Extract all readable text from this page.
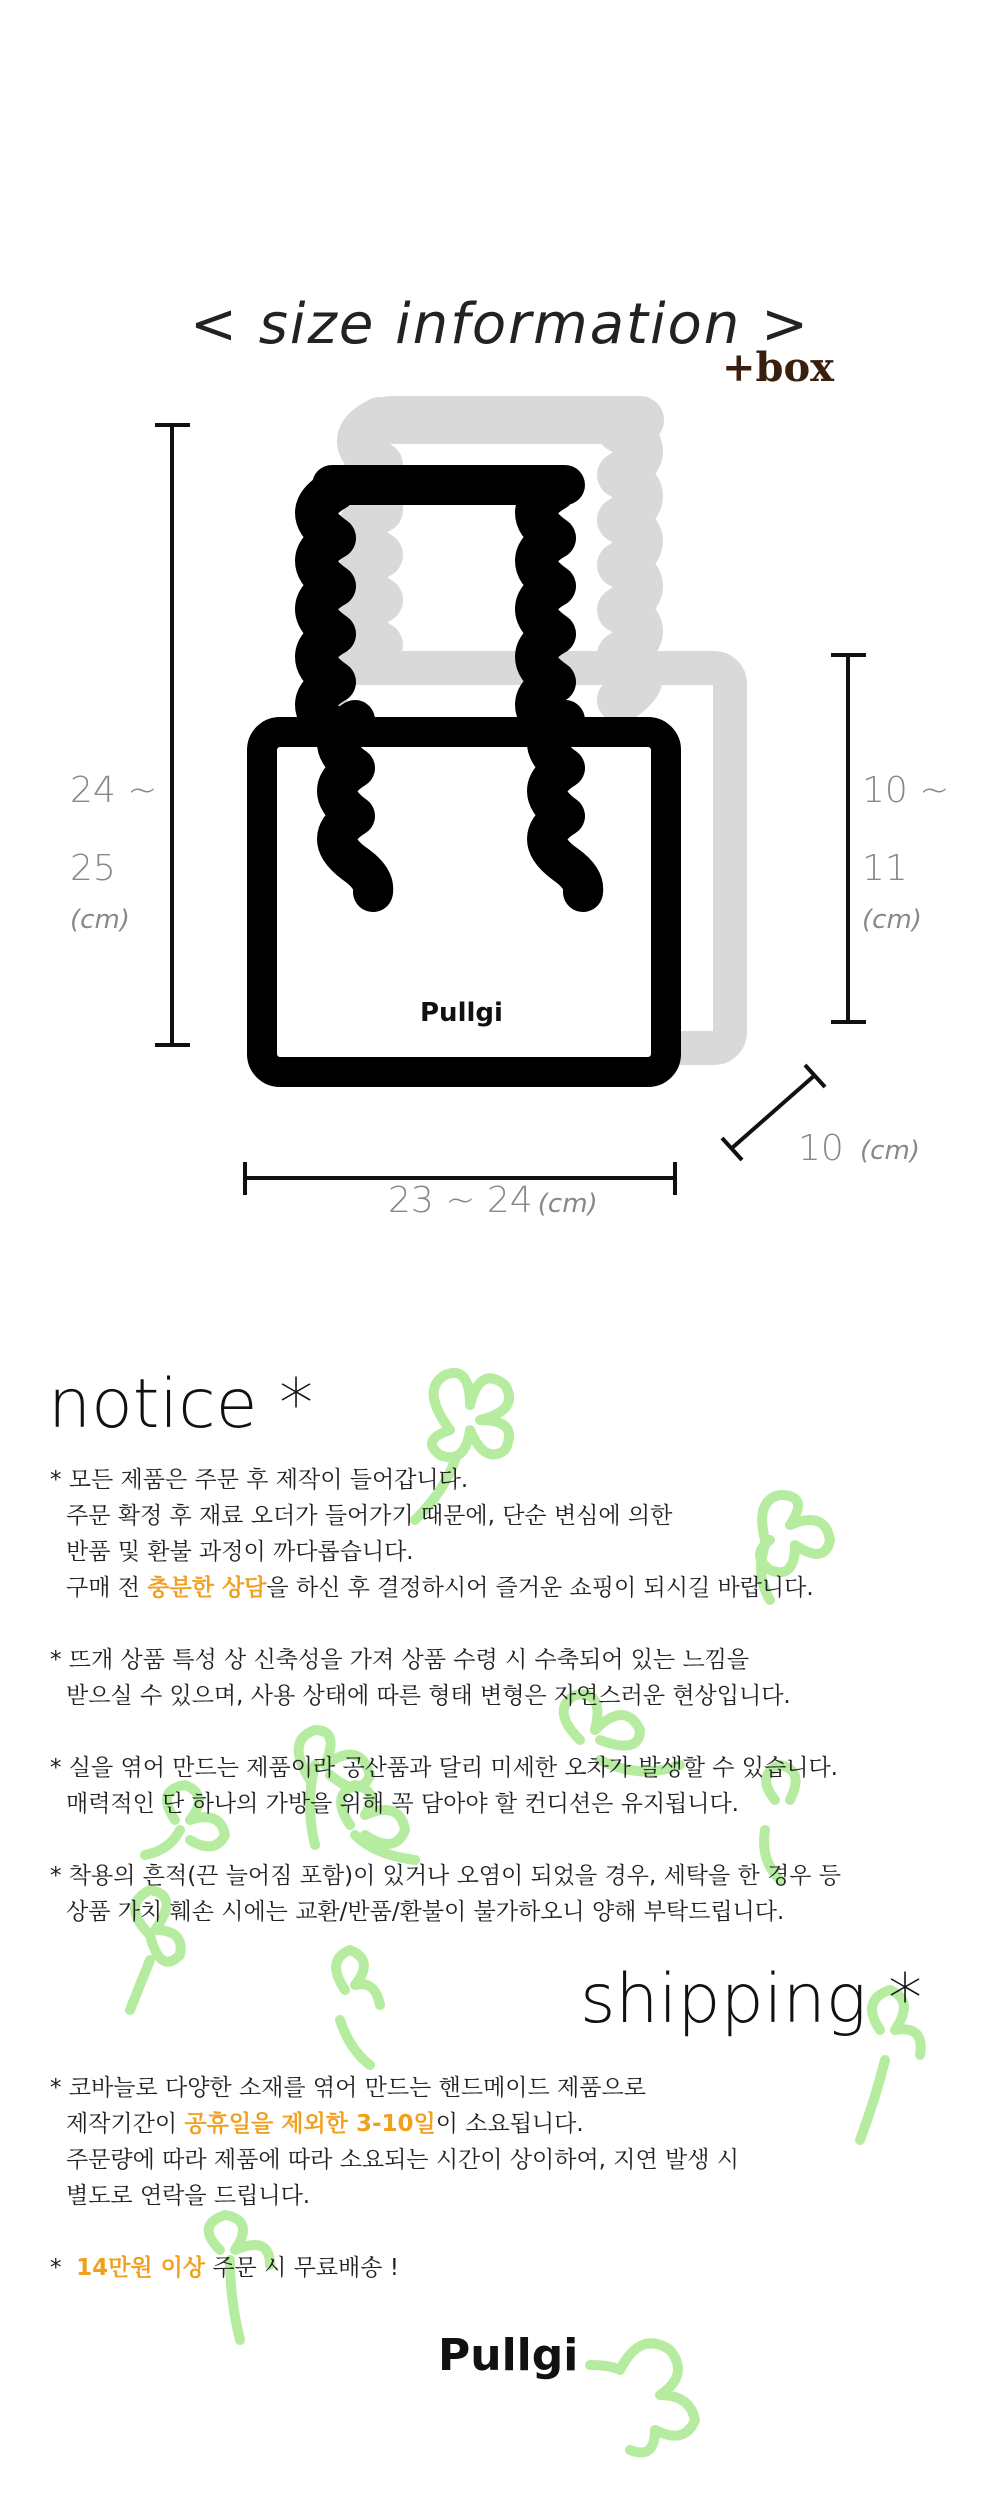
< size information >
+box
24 ~
25
(cm)
10 ~
11
(cm)
10 (cm)
23 ~ 24 (cm)
Pullgi
notice *

* 모든 제품은 주문 후 제작이 들어갑니다.

주문 확정 후 재료 오더가 들어가기 때문에, 단순 변심에 의한

반품 및 환불 과정이 까다롭습니다.

구매 전 충분한 상담을 하신 후 결정하시어 즐거운 쇼핑이 되시길 바랍니다.

* 뜨개 상품 특성 상 신축성을 가져 상품 수령 시 수축되어 있는 느낌을

받으실 수 있으며, 사용 상태에 따른 형태 변형은 자연스러운 현상입니다.

* 실을 엮어 만드는 제품이라 공산품과 달리 미세한 오차가 발생할 수 있습니다.

매력적인 단 하나의 가방을 위해 꼭 담아야 할 컨디션은 유지됩니다.

* 착용의 흔적(끈 늘어짐 포함)이 있거나 오염이 되었을 경우, 세탁을 한 경우 등

상품 가치 훼손 시에는 교환/반품/환불이 불가하오니 양해 부탁드립니다.

shipping *

* 코바늘로 다양한 소재를 엮어 만드는 핸드메이드 제품으로

제작기간이 공휴일을 제외한 3-10일이 소요됩니다.

주문량에 따라 제품에 따라 소요되는 시간이 상이하여, 지연 발생 시

별도로 연락을 드립니다.

* 14만원 이상 주문 시 무료배송 !

Pullgi
